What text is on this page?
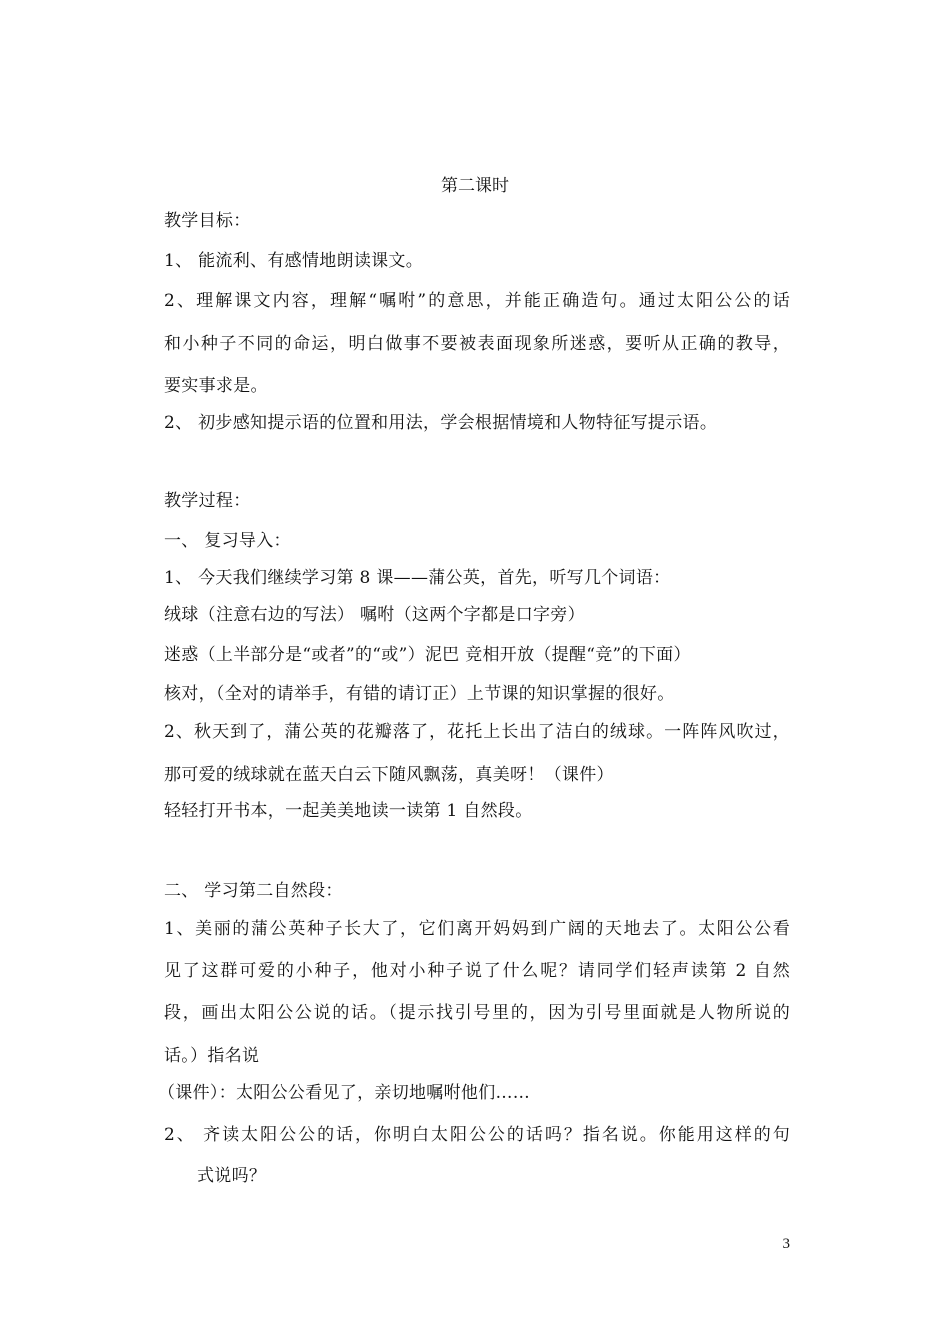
第二课时
教学目标：
1、 能流利、有感情地朗读课文。
2、理解课文内容，理解“嘱咐”的意思，并能正确造句。通过太阳公公的话
和小种子不同的命运，明白做事不要被表面现象所迷惑，要听从正确的教导，
要实事求是。
2、 初步感知提示语的位置和用法，学会根据情境和人物特征写提示语。
教学过程：
一、 复习导入：
1、 今天我们继续学习第 8 课——蒲公英，首先，听写几个词语：
绒球（注意右边的写法） 嘱咐（这两个字都是口字旁）
迷惑（上半部分是“或者”的“或”）泥巴 竞相开放（提醒“竞”的下面）
核对，（全对的请举手，有错的请订正）上节课的知识掌握的很好。
2、秋天到了，蒲公英的花瓣落了，花托上长出了洁白的绒球。一阵阵风吹过，
那可爱的绒球就在蓝天白云下随风飘荡，真美呀！（课件）
轻轻打开书本，一起美美地读一读第 1 自然段。
二、 学习第二自然段：
1、美丽的蒲公英种子长大了，它们离开妈妈到广阔的天地去了。太阳公公看
见了这群可爱的小种子，他对小种子说了什么呢？请同学们轻声读第 2 自然
段，画出太阳公公说的话。（提示找引号里的，因为引号里面就是人物所说的
话。）指名说
（课件）：太阳公公看见了，亲切地嘱咐他们……
2、 齐读太阳公公的话，你明白太阳公公的话吗？指名说。你能用这样的句
式说吗？
3
